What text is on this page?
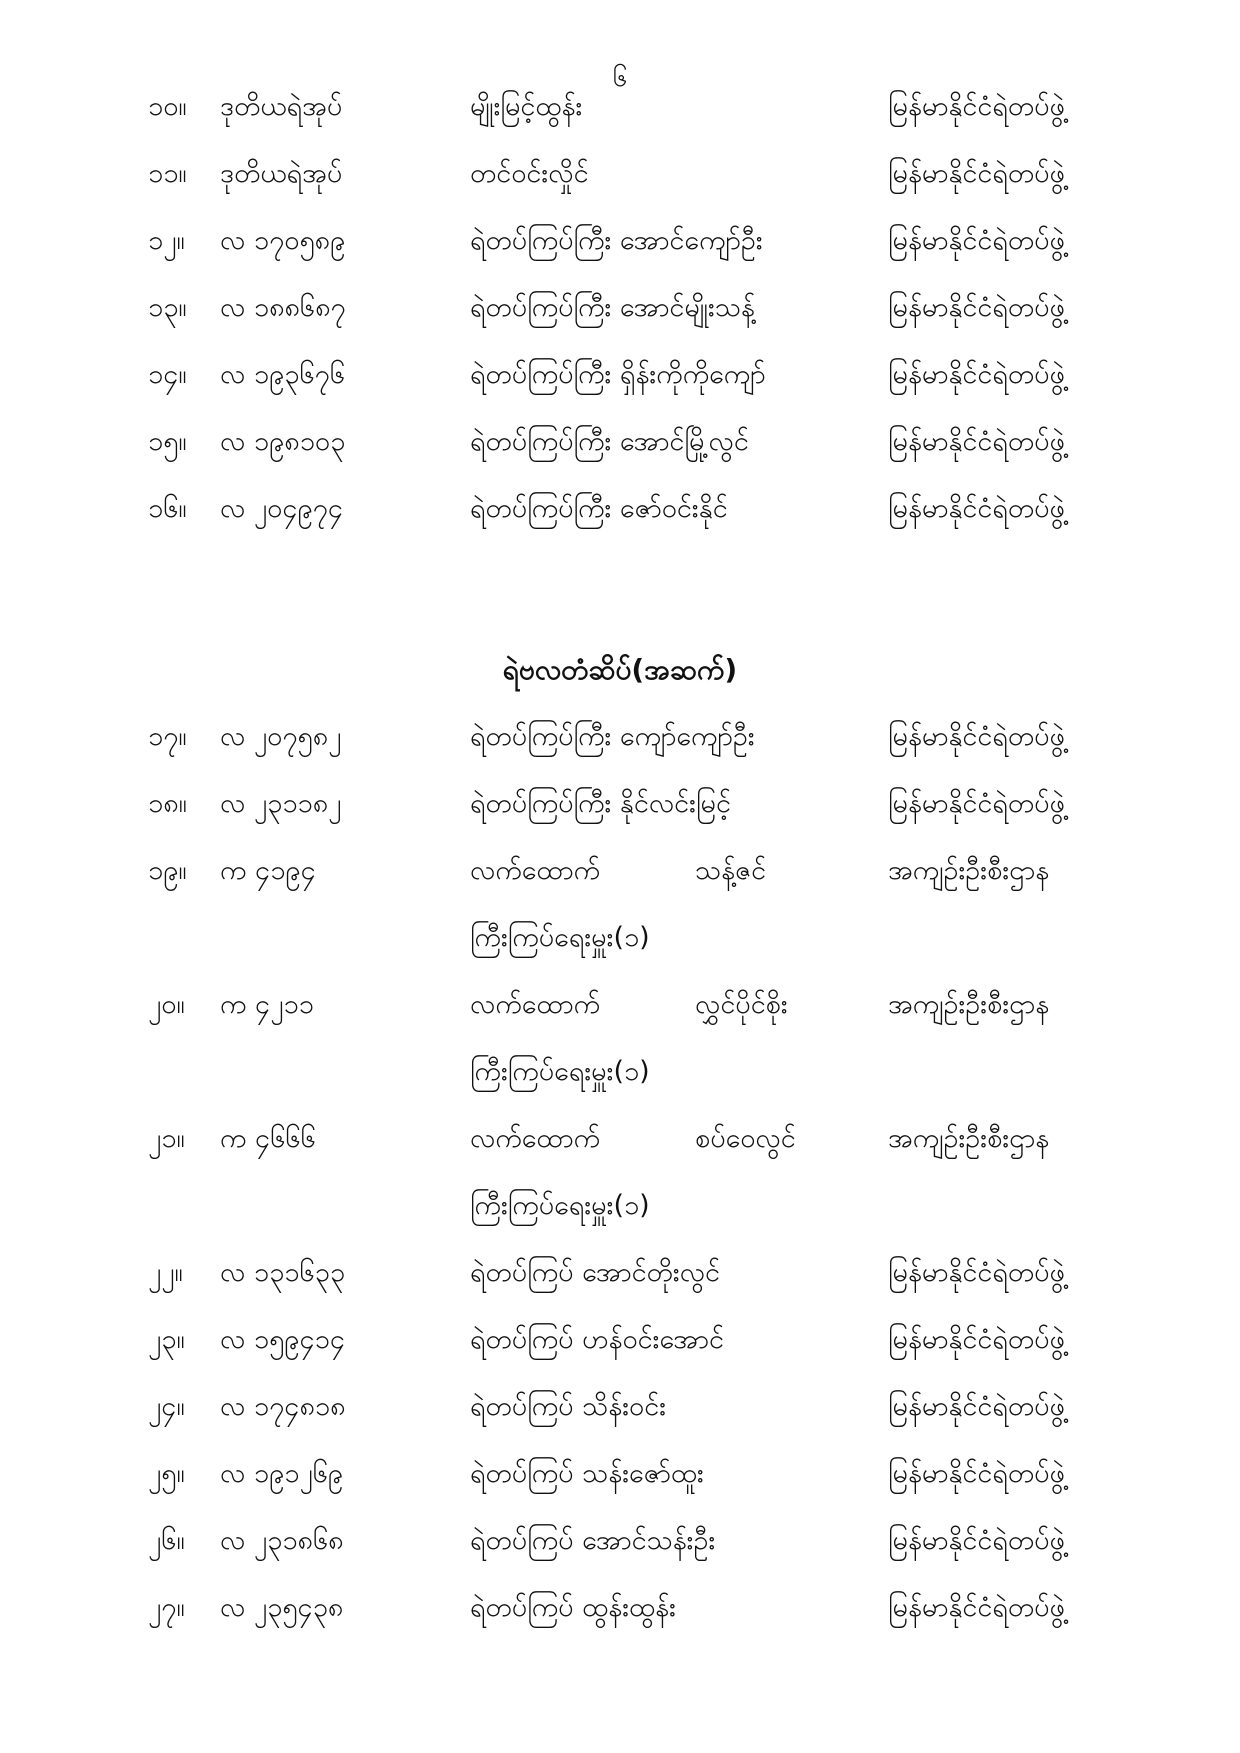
၆
၁၀။ ဒုတိယရဲအုပ်	မျိုးမြင့်ထွန်း	မြန်မာနိုင်ငံရဲတပ်ဖွဲ့
၁၁။ ဒုတိယရဲအုပ်	တင်ဝင်းလှိုင်	မြန်မာနိုင်ငံရဲတပ်ဖွဲ့
၁၂။ လ ၁၇၀၅၈၉	ရဲတပ်ကြပ်ကြီး အောင်ကျော်ဦး	မြန်မာနိုင်ငံရဲတပ်ဖွဲ့
၁၃။ လ ၁၈၈၆၈၇	ရဲတပ်ကြပ်ကြီး အောင်မျိုးသန့်	မြန်မာနိုင်ငံရဲတပ်ဖွဲ့
၁၄။ လ ၁၉၃၆၇၆	ရဲတပ်ကြပ်ကြီး ရှိန်းကိုကိုကျော်	မြန်မာနိုင်ငံရဲတပ်ဖွဲ့
၁၅။ လ ၁၉၈၁၀၃	ရဲတပ်ကြပ်ကြီး အောင်မြို့လွင်	မြန်မာနိုင်ငံရဲတပ်ဖွဲ့
၁၆။ လ ၂၀၄၉၇၄	ရဲတပ်ကြပ်ကြီး ဇော်ဝင်းနိုင်	မြန်မာနိုင်ငံရဲတပ်ဖွဲ့
ရဲဗလတံဆိပ်(အဆက်)
၁၇။ လ ၂၀၇၅၈၂	ရဲတပ်ကြပ်ကြီး ကျော်ကျော်ဦး	မြန်မာနိုင်ငံရဲတပ်ဖွဲ့
၁၈။ လ ၂၃၁၁၈၂	ရဲတပ်ကြပ်ကြီး နိုင်လင်းမြင့်	မြန်မာနိုင်ငံရဲတပ်ဖွဲ့
၁၉။ က ၄၁၉၄	လက်ထောက်	သန့်ဇင်	အကျဉ်းဦးစီးဌာန
ကြီးကြပ်ရေးမှူး(၁)
၂၀။ က ၄၂၁၁	လက်ထောက်	လွှင်ပိုင်စိုး	အကျဉ်းဦးစီးဌာန
ကြီးကြပ်ရေးမှူး(၁)
၂၁။ က ၄၆၆၆	လက်ထောက်	စပ်ဝေလွင်	အကျဉ်းဦးစီးဌာန
ကြီးကြပ်ရေးမှူး(၁)
၂၂။ လ ၁၃၁၆၃၃	ရဲတပ်ကြပ် အောင်တိုးလွင်	မြန်မာနိုင်ငံရဲတပ်ဖွဲ့
၂၃။ လ ၁၅၉၄၁၄	ရဲတပ်ကြပ် ဟန်ဝင်းအောင်	မြန်မာနိုင်ငံရဲတပ်ဖွဲ့
၂၄။ လ ၁၇၄၈၁၈	ရဲတပ်ကြပ် သိန်းဝင်း	မြန်မာနိုင်ငံရဲတပ်ဖွဲ့
၂၅။ လ ၁၉၁၂၆၉	ရဲတပ်ကြပ် သန်းဇော်ထူး	မြန်မာနိုင်ငံရဲတပ်ဖွဲ့
၂၆။ လ ၂၃၁၈၆၈	ရဲတပ်ကြပ် အောင်သန်းဦး	မြန်မာနိုင်ငံရဲတပ်ဖွဲ့
၂၇။ လ ၂၃၅၄၃၈	ရဲတပ်ကြပ် ထွန်းထွန်း	မြန်မာနိုင်ငံရဲတပ်ဖွဲ့
